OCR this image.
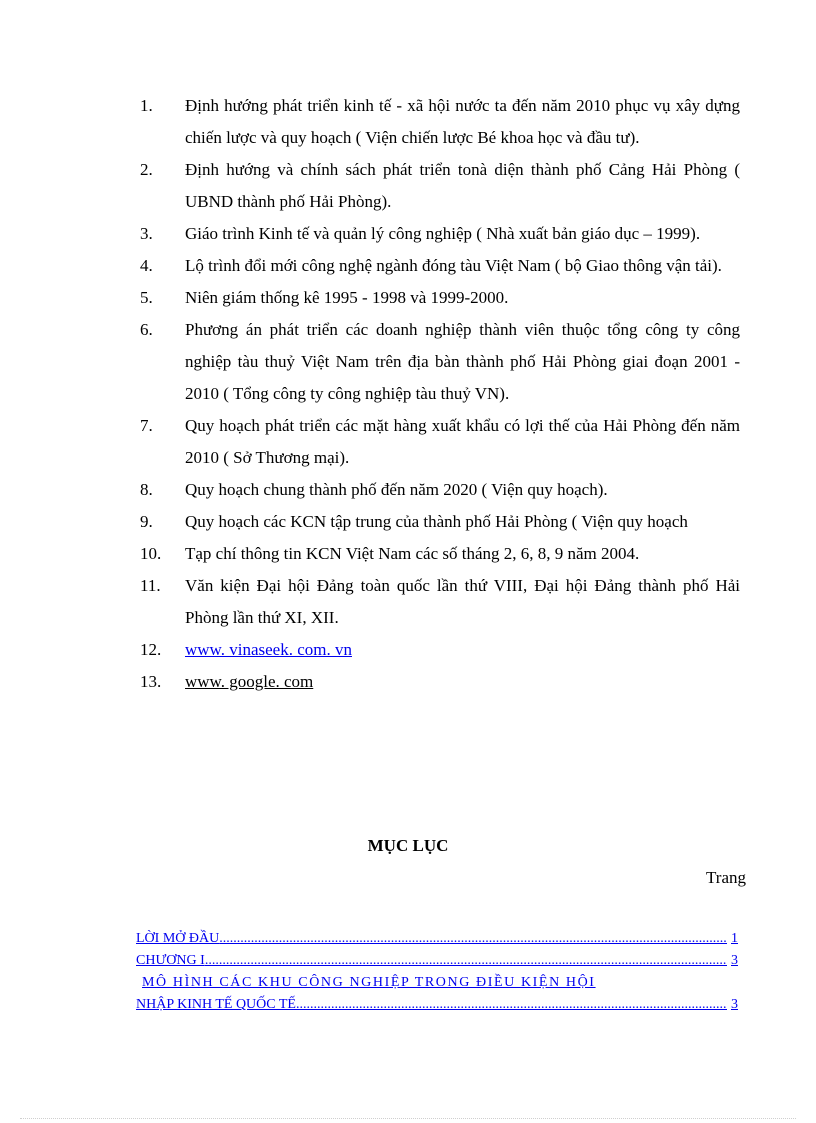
1.	Định hướng phát triển kinh tế - xã hội nước ta đến năm 2010 phục vụ xây dựng chiến lược và quy hoạch ( Viện chiến lược Bé khoa học và đầu tư).
2.	Định hướng và chính sách phát triển tonà diện thành phố Cảng Hải Phòng ( UBND thành phố Hải Phòng).
3.	Giáo trình Kinh tế và quản lý công nghiệp ( Nhà xuất bản giáo dục – 1999).
4.	Lộ trình đổi mới công nghệ ngành đóng tàu Việt Nam ( bộ Giao thông vận tải).
5.	Niên giám thống kê 1995 - 1998 và 1999-2000.
6.	Phương án phát triển các doanh nghiệp thành viên thuộc tổng công ty công nghiệp tàu thuỷ Việt Nam trên địa bàn thành phố Hải Phòng giai đoạn 2001 - 2010 ( Tổng công ty công nghiệp tàu thuỷ VN).
7.	Quy hoạch phát triển các mặt hàng xuất khẩu có lợi thế của Hải Phòng đến năm 2010 ( Sở Thương mại).
8.	Quy hoạch chung thành phố đến năm 2020 ( Viện quy hoạch).
9.	Quy hoạch các KCN tập trung của thành phố Hải Phòng ( Viện quy hoạch
10.	Tạp chí thông tin KCN Việt Nam các số tháng 2, 6, 8, 9 năm 2004.
11.	Văn kiện Đại hội Đảng toàn quốc lần thứ VIII, Đại hội Đảng thành phố Hải Phòng lần thứ XI, XII.
12.	www. vinaseek. com. vn
13.	www. google. com
MỤC LỤC
Trang
LỜI MỞ ĐẦU .....	1
CHƯƠNG I .....	3
MÔ HÌNH CÁC KHU CÔNG NGHIỆP TRONG ĐIỀU KIỆN HỘI
NHẬP KINH TẾ QUỐC TẾ. .....	3
